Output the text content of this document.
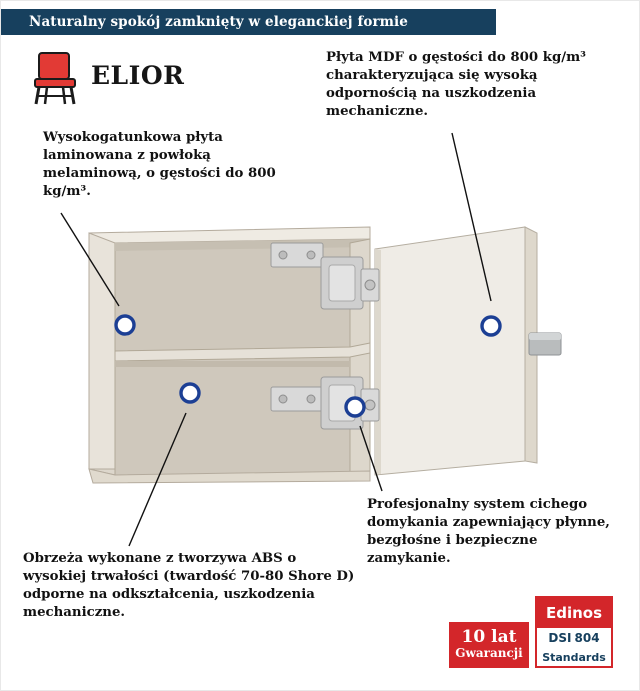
Naturalny spokój zamknięty w eleganckiej formie
ELIOR
Płyta MDF o gęstości do 800 kg/m³ charakteryzująca się wysoką odpornością na uszkodzenia mechaniczne.
Wysokogatunkowa płyta laminowana z powłoką melaminową, o gęstości do 800 kg/m³.
Obrzeża wykonane z tworzywa ABS o wysokiej trwałości (twardość 70-80 Shore D) odporne na odkształcenia, uszkodzenia mechaniczne.
Profesjonalny system cichego domykania zapewniający płynne, bezgłośne i bezpieczne zamykanie.
10 lat
Gwarancji
Edinos
DSI 804
Standards
